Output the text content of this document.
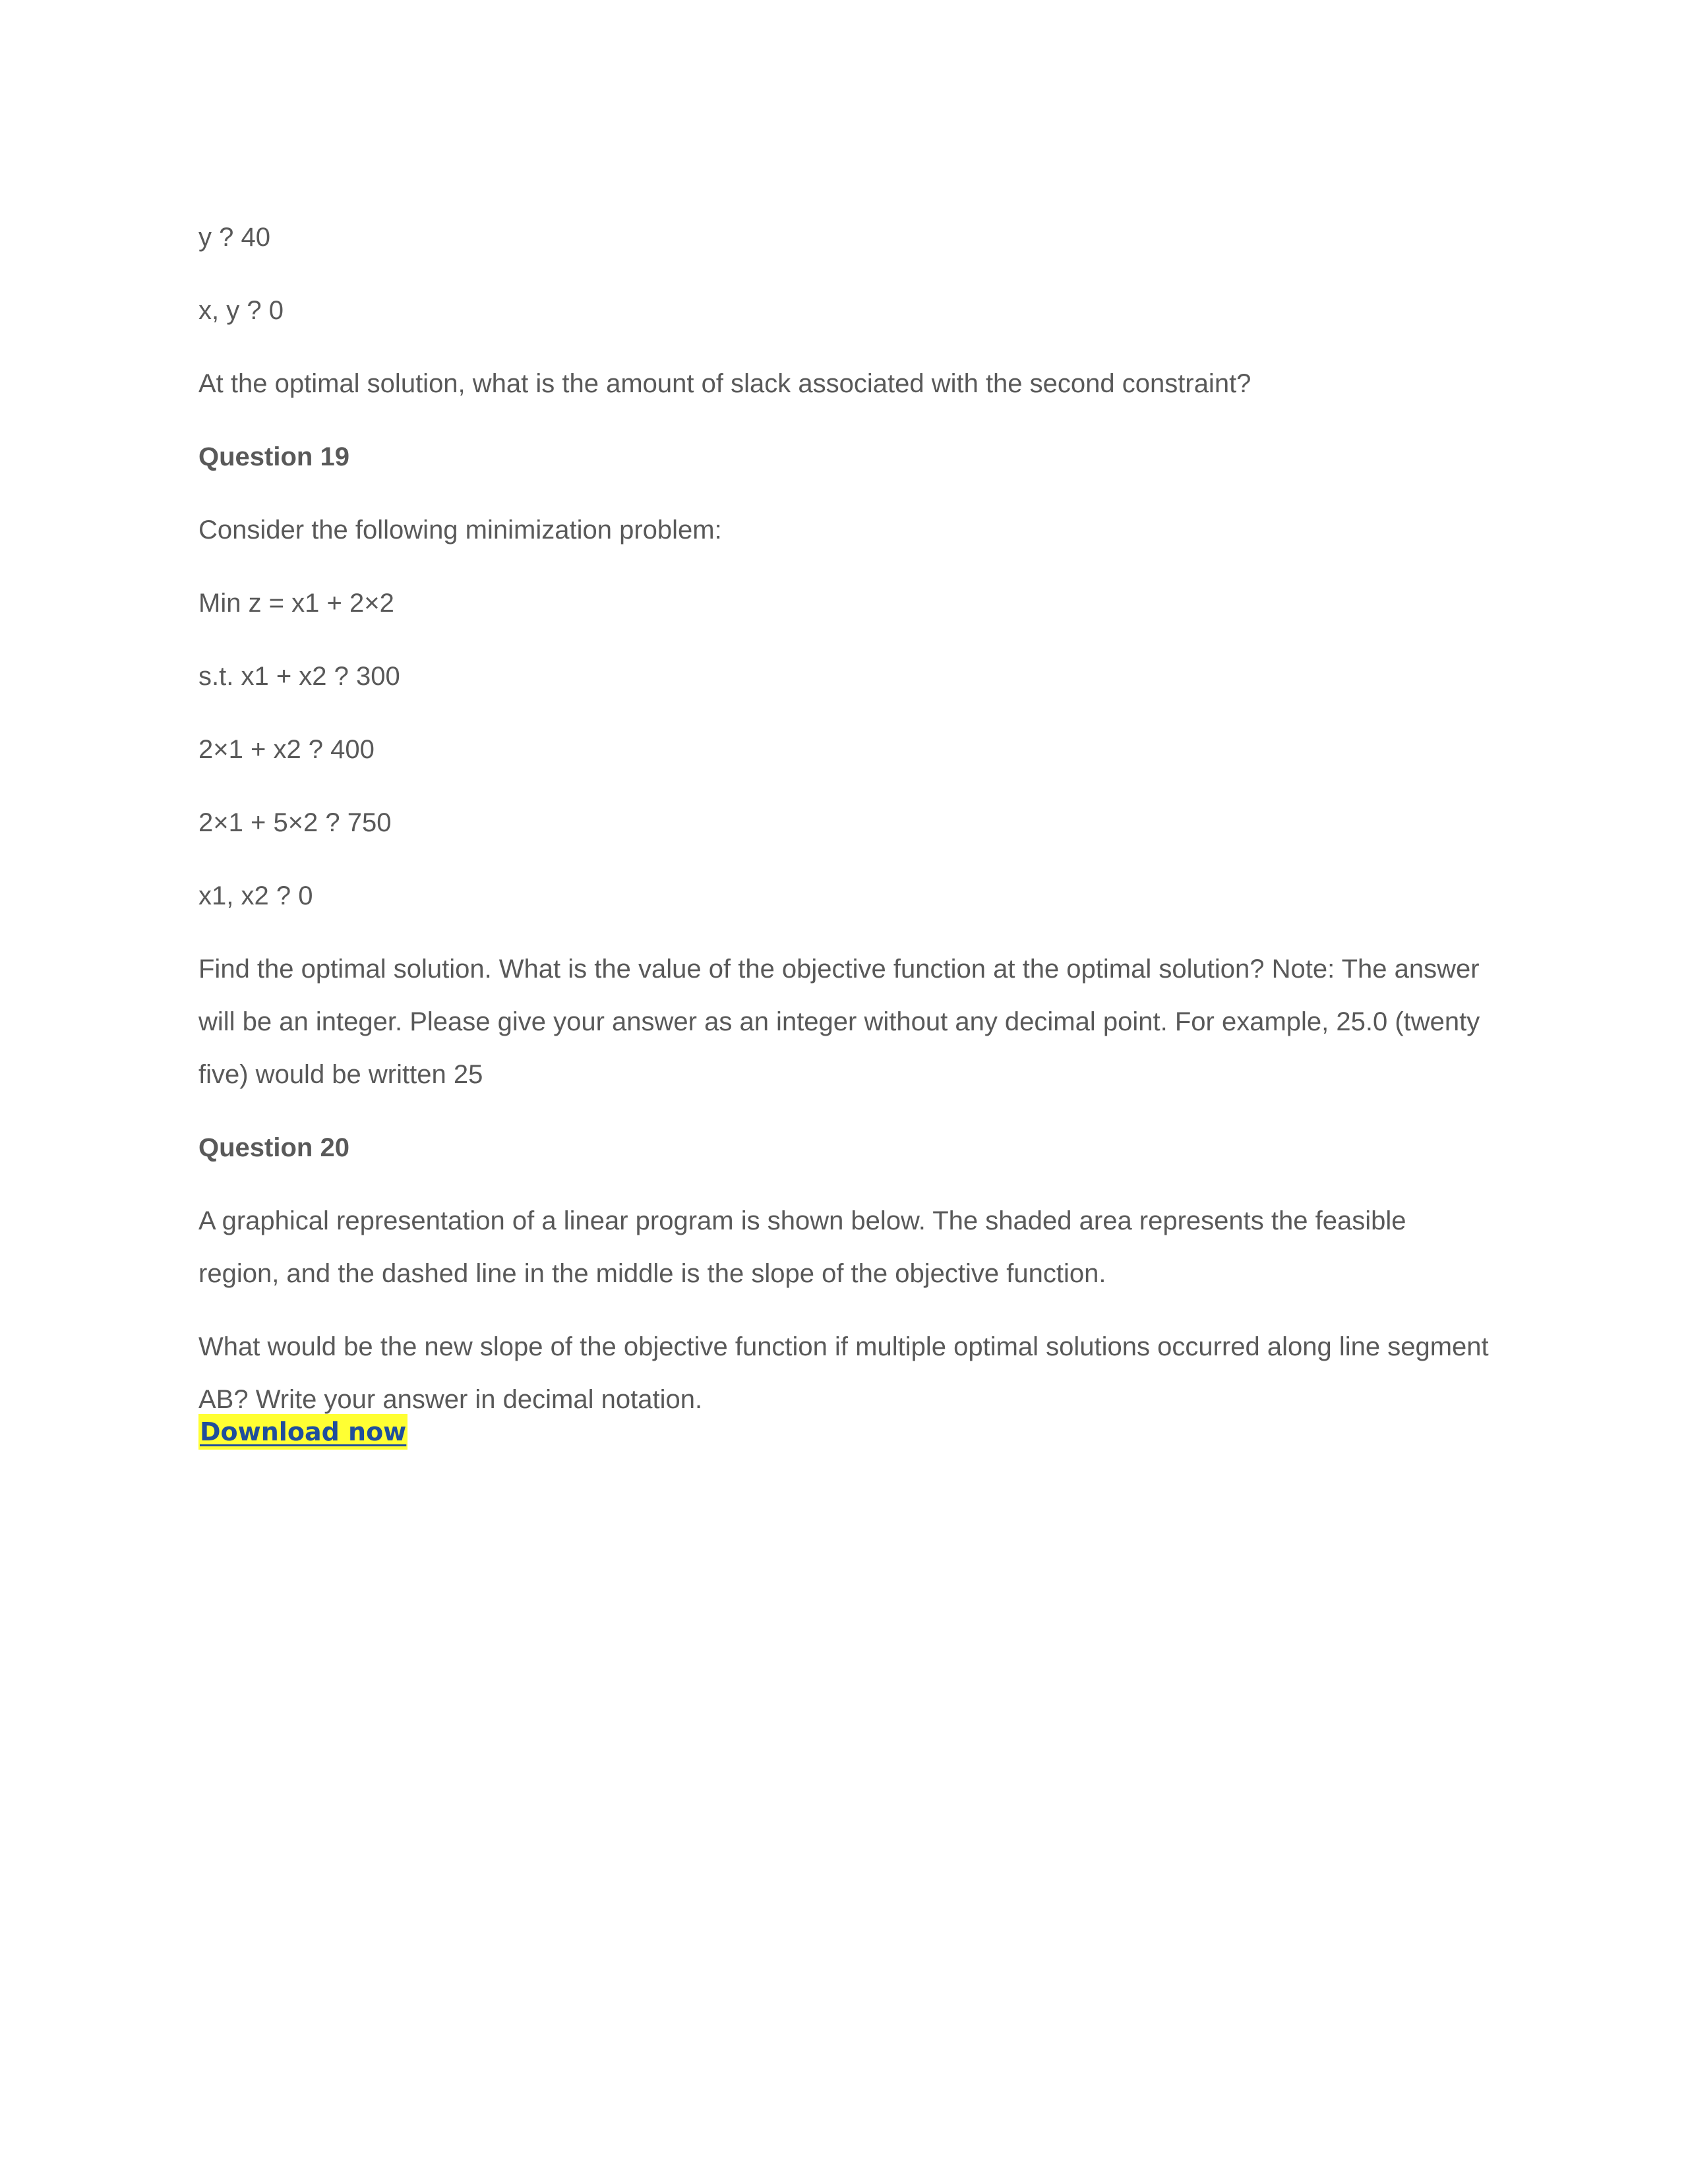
y ? 40
x, y ? 0
At the optimal solution, what is the amount of slack associated with the second constraint?
Question 19
Consider the following minimization problem:
Min z = x1 + 2×2
s.t. x1 + x2 ? 300
2×1 + x2 ? 400
2×1 + 5×2 ? 750
x1, x2 ? 0
Find the optimal solution. What is the value of the objective function at the optimal solution? Note: The answer will be an integer. Please give your answer as an integer without any decimal point. For example, 25.0 (twenty five) would be written 25
Question 20
A graphical representation of a linear program is shown below. The shaded area represents the feasible region, and the dashed line in the middle is the slope of the objective function.
What would be the new slope of the objective function if multiple optimal solutions occurred along line segment AB? Write your answer in decimal notation.
Download now
